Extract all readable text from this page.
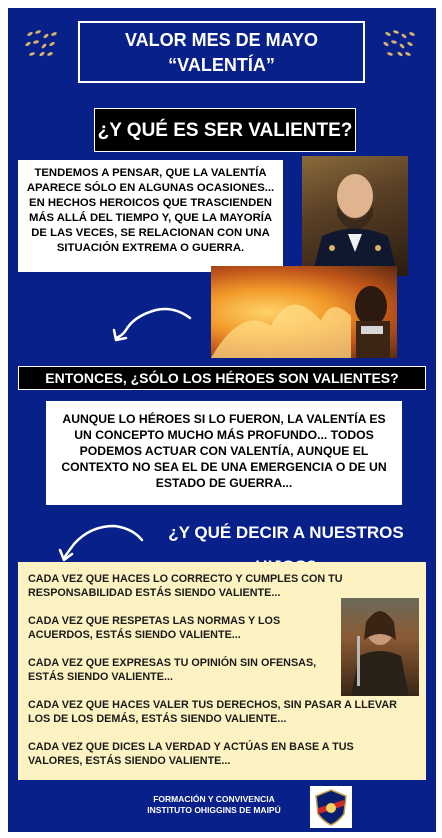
VALOR MES DE MAYO
“VALENTÍA”
¿Y QUÉ ES SER VALIENTE?
TENDEMOS A PENSAR, QUE LA VALENTÍA APARECE SÓLO EN ALGUNAS OCASIONES... EN HECHOS HEROICOS QUE TRASCIENDEN MÁS ALLÁ DEL TIEMPO Y, QUE LA MAYORÍA DE LAS VECES, SE RELACIONAN CON UNA SITUACIÓN EXTREMA O GUERRA.
ENTONCES, ¿SÓLO LOS HÉROES SON VALIENTES?
AUNQUE LO HÉROES SI LO FUERON, LA VALENTÍA ES UN CONCEPTO MUCHO MÁS PROFUNDO... TODOS PODEMOS ACTUAR CON VALENTÍA, AUNQUE EL CONTEXTO NO SEA EL DE UNA EMERGENCIA O DE UN ESTADO DE GUERRA...
¿Y QUÉ DECIR A NUESTROS
CADA VEZ QUE HACES LO CORRECTO Y CUMPLES CON TU RESPONSABILIDAD ESTÁS SIENDO VALIENTE...
CADA VEZ QUE RESPETAS LAS NORMAS Y LOS ACUERDOS, ESTÁS SIENDO VALIENTE...
CADA VEZ QUE EXPRESAS TU OPINIÓN SIN OFENSAS, ESTÁS SIENDO VALIENTE...
CADA VEZ QUE HACES VALER TUS DERECHOS, SIN PASAR A LLEVAR LOS DE LOS DEMÁS, ESTÁS SIENDO VALIENTE...
CADA VEZ QUE DICES LA VERDAD Y ACTÚAS EN BASE A TUS VALORES, ESTÁS SIENDO VALIENTE...
FORMACIÓN Y CONVIVENCIA
INSTITUTO OHIGGINS DE MAIPÚ
